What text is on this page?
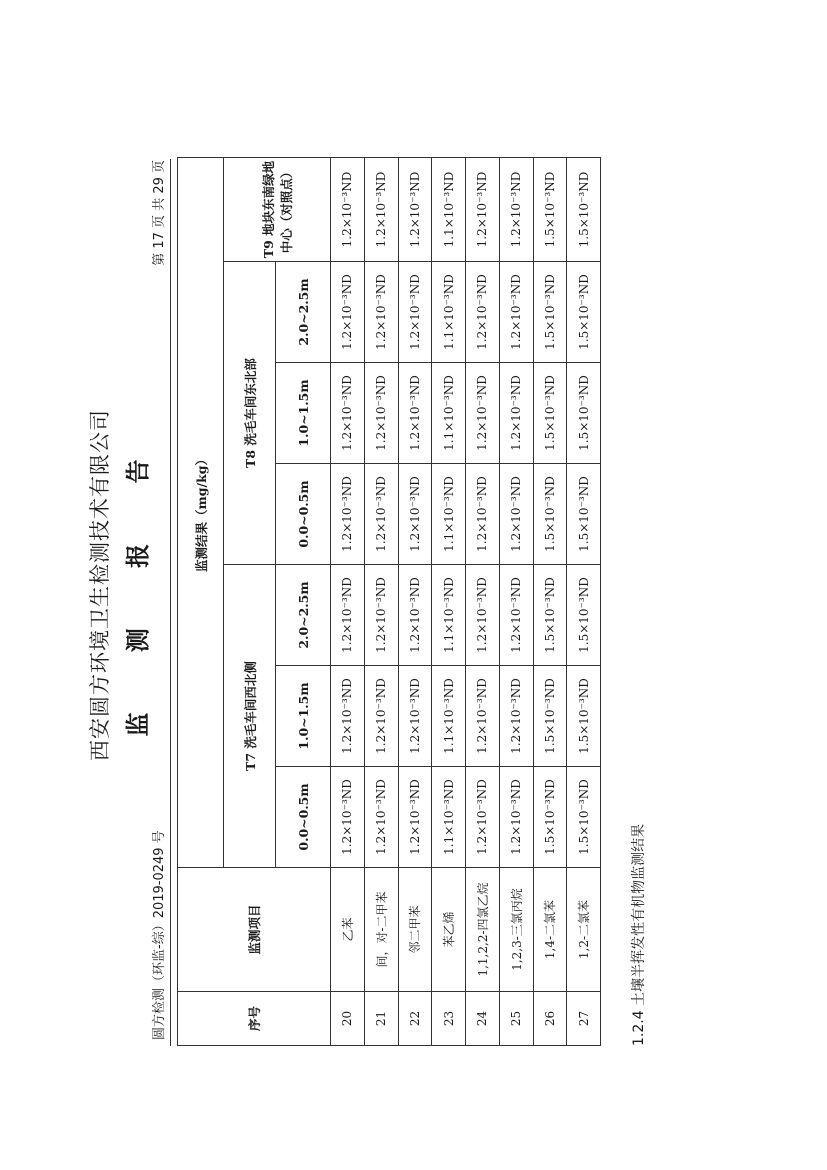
西安圆方环境卫生检测技术有限公司 监 测 报 告
圆方检测（环监-综）2019-0249 号
第 17 页 共 29 页
序号	监测项目	监测结果（mg/kg）						
		T7 洗毛车间西北侧			T8 洗毛车间东北部			T9 地块东南绿地中心（对照点）
		0.0~0.5m	1.0~1.5m	2.0~2.5m	0.0~0.5m	1.0~1.5m	2.0~2.5m	
20	乙苯	1.2×10⁻³ND	1.2×10⁻³ND	1.2×10⁻³ND	1.2×10⁻³ND	1.2×10⁻³ND	1.2×10⁻³ND	1.2×10⁻³ND
21	间，对-二甲苯	1.2×10⁻³ND	1.2×10⁻³ND	1.2×10⁻³ND	1.2×10⁻³ND	1.2×10⁻³ND	1.2×10⁻³ND	1.2×10⁻³ND
22	邻二甲苯	1.2×10⁻³ND	1.2×10⁻³ND	1.2×10⁻³ND	1.2×10⁻³ND	1.2×10⁻³ND	1.2×10⁻³ND	1.2×10⁻³ND
23	苯乙烯	1.1×10⁻³ND	1.1×10⁻³ND	1.1×10⁻³ND	1.1×10⁻³ND	1.1×10⁻³ND	1.1×10⁻³ND	1.1×10⁻³ND
24	1,1,2,2-四氯乙烷	1.2×10⁻³ND	1.2×10⁻³ND	1.2×10⁻³ND	1.2×10⁻³ND	1.2×10⁻³ND	1.2×10⁻³ND	1.2×10⁻³ND
25	1,2,3-三氯丙烷	1.2×10⁻³ND	1.2×10⁻³ND	1.2×10⁻³ND	1.2×10⁻³ND	1.2×10⁻³ND	1.2×10⁻³ND	1.2×10⁻³ND
26	1,4-二氯苯	1.5×10⁻³ND	1.5×10⁻³ND	1.5×10⁻³ND	1.5×10⁻³ND	1.5×10⁻³ND	1.5×10⁻³ND	1.5×10⁻³ND
27	1,2-二氯苯	1.5×10⁻³ND	1.5×10⁻³ND	1.5×10⁻³ND	1.5×10⁻³ND	1.5×10⁻³ND	1.5×10⁻³ND	1.5×10⁻³ND
1.2.4 土壤半挥发性有机物监测结果
